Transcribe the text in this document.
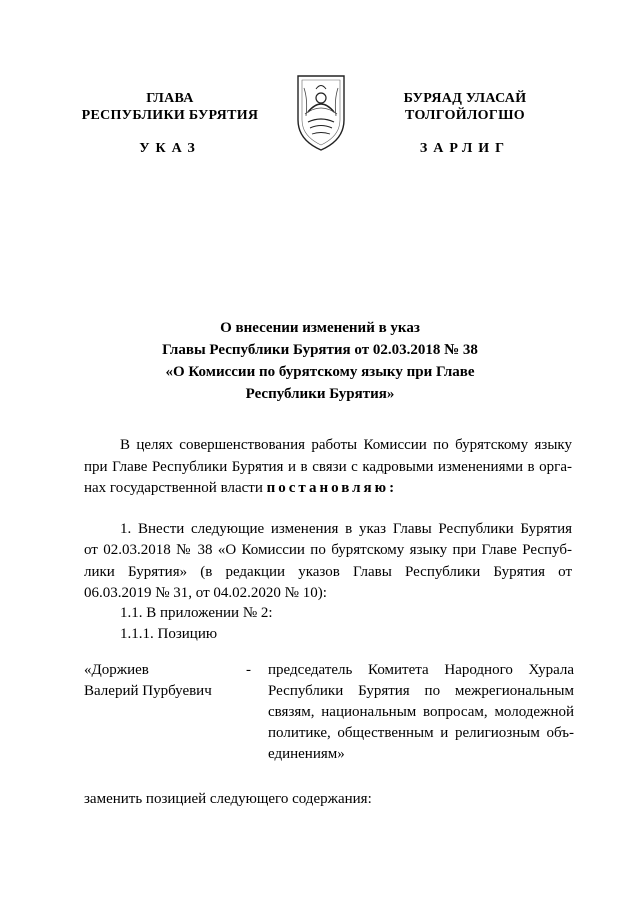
ГЛАВА
РЕСПУБЛИКИ БУРЯТИЯ
УКАЗ
БУРЯАД УЛАСАЙ
ТОЛГОЙЛОГШО
ЗАРЛИГ
О внесении изменений в указ
Главы Республики Бурятия от 02.03.2018 № 38
«О Комиссии по бурятскому языку при Главе
Республики Бурятия»
В целях совершенствования работы Комиссии по бурятскому языку
при Главе Республики Бурятия и в связи с кадровыми изменениями в орга-
нах государственной власти постановляю:
1. Внести следующие изменения в указ Главы Республики Бурятия
от 02.03.2018 № 38 «О Комиссии по бурятскому языку при Главе Респуб-
лики Бурятия» (в редакции указов Главы Республики Бурятия от
06.03.2019 № 31, от 04.02.2020 № 10):
1.1. В приложении № 2:
1.1.1. Позицию
«Доржиев
Валерий Пурбуевич
- председатель Комитета Народного Хурала
Республики Бурятия по межрегиональным
связям, национальным вопросам, молодежной
политике, общественным и религиозным объ-
единениям»
заменить позицией следующего содержания:
